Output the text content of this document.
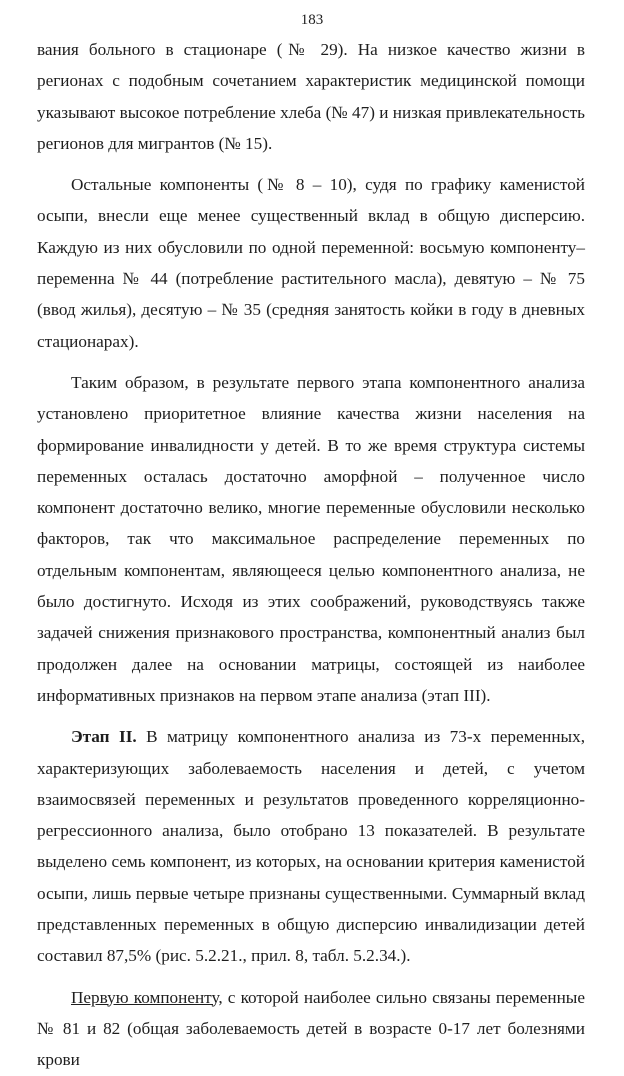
183

вания больного в стационаре (№ 29). На низкое качество жизни в регионах с подобным сочетанием характеристик медицинской помощи указывают высокое потребление хлеба (№ 47) и низкая привлекательность регионов для мигрантов (№ 15).

Остальные компоненты (№ 8 – 10), судя по графику каменистой осыпи, внесли еще менее существенный вклад в общую дисперсию. Каждую из них обусловили по одной переменной: восьмую компоненту– переменна № 44 (потребление растительного масла), девятую – № 75 (ввод жилья), десятую – № 35 (средняя занятость койки в году в дневных стационарах).

Таким образом, в результате первого этапа компонентного анализа установлено приоритетное влияние качества жизни населения на формирование инвалидности у детей. В то же время структура системы переменных осталась достаточно аморфной – полученное число компонент достаточно велико, многие переменные обусловили несколько факторов, так что максимальное распределение переменных по отдельным компонентам, являющееся целью компонентного анализа, не было достигнуто. Исходя из этих соображений, руководствуясь также задачей снижения признакового пространства, компонентный анализ был продолжен далее на основании матрицы, состоящей из наиболее информативных признаков на первом этапе анализа (этап III).

Этап II. В матрицу компонентного анализа из 73-х переменных, характеризующих заболеваемость населения и детей, с учетом взаимосвязей переменных и результатов проведенного корреляционно-регрессионного анализа, было отобрано 13 показателей. В результате выделено семь компонент, из которых, на основании критерия каменистой осыпи, лишь первые четыре признаны существенными. Суммарный вклад представленных переменных в общую дисперсию инвалидизации детей составил 87,5% (рис. 5.2.21., прил. 8, табл. 5.2.34.).

Первую компоненту, с которой наиболее сильно связаны переменные № 81 и 82 (общая заболеваемость детей в возрасте 0-17 лет болезнями крови
